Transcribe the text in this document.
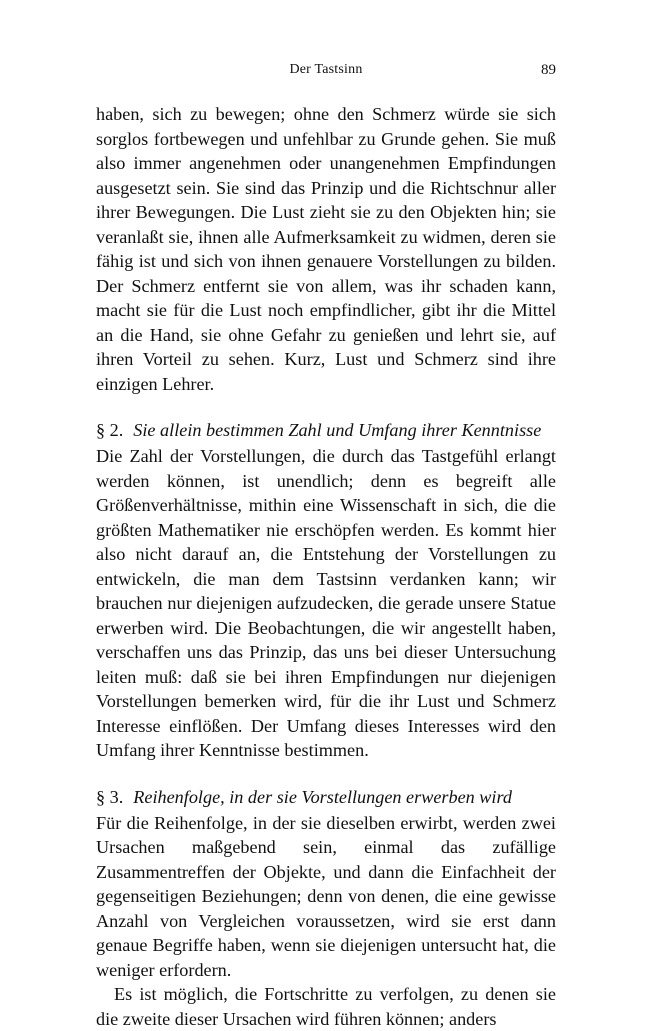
Der Tastsinn	89

haben, sich zu bewegen; ohne den Schmerz würde sie sich sorglos fortbewegen und unfehlbar zu Grunde gehen. Sie muß also immer angenehmen oder unangenehmen Empfindungen ausgesetzt sein. Sie sind das Prinzip und die Richtschnur aller ihrer Bewegungen. Die Lust zieht sie zu den Objekten hin; sie veranlaßt sie, ihnen alle Aufmerksamkeit zu widmen, deren sie fähig ist und sich von ihnen genauere Vorstellungen zu bilden. Der Schmerz entfernt sie von allem, was ihr schaden kann, macht sie für die Lust noch empfindlicher, gibt ihr die Mittel an die Hand, sie ohne Gefahr zu genießen und lehrt sie, auf ihren Vorteil zu sehen. Kurz, Lust und Schmerz sind ihre einzigen Lehrer.

§ 2. Sie allein bestimmen Zahl und Umfang ihrer Kenntnisse

Die Zahl der Vorstellungen, die durch das Tastgefühl erlangt werden können, ist unendlich; denn es begreift alle Größenverhältnisse, mithin eine Wissenschaft in sich, die die größten Mathematiker nie erschöpfen werden. Es kommt hier also nicht darauf an, die Entstehung der Vorstellungen zu entwickeln, die man dem Tastsinn verdanken kann; wir brauchen nur diejenigen aufzudecken, die gerade unsere Statue erwerben wird. Die Beobachtungen, die wir angestellt haben, verschaffen uns das Prinzip, das uns bei dieser Untersuchung leiten muß: daß sie bei ihren Empfindungen nur diejenigen Vorstellungen bemerken wird, für die ihr Lust und Schmerz Interesse einflößen. Der Umfang dieses Interesses wird den Umfang ihrer Kenntnisse bestimmen.

§ 3. Reihenfolge, in der sie Vorstellungen erwerben wird

Für die Reihenfolge, in der sie dieselben erwirbt, werden zwei Ursachen maßgebend sein, einmal das zufällige Zusammentreffen der Objekte, und dann die Einfachheit der gegenseitigen Beziehungen; denn von denen, die eine gewisse Anzahl von Vergleichen voraussetzen, wird sie erst dann genaue Begriffe haben, wenn sie diejenigen untersucht hat, die weniger erfordern.

Es ist möglich, die Fortschritte zu verfolgen, zu denen sie die zweite dieser Ursachen wird führen können; anders
